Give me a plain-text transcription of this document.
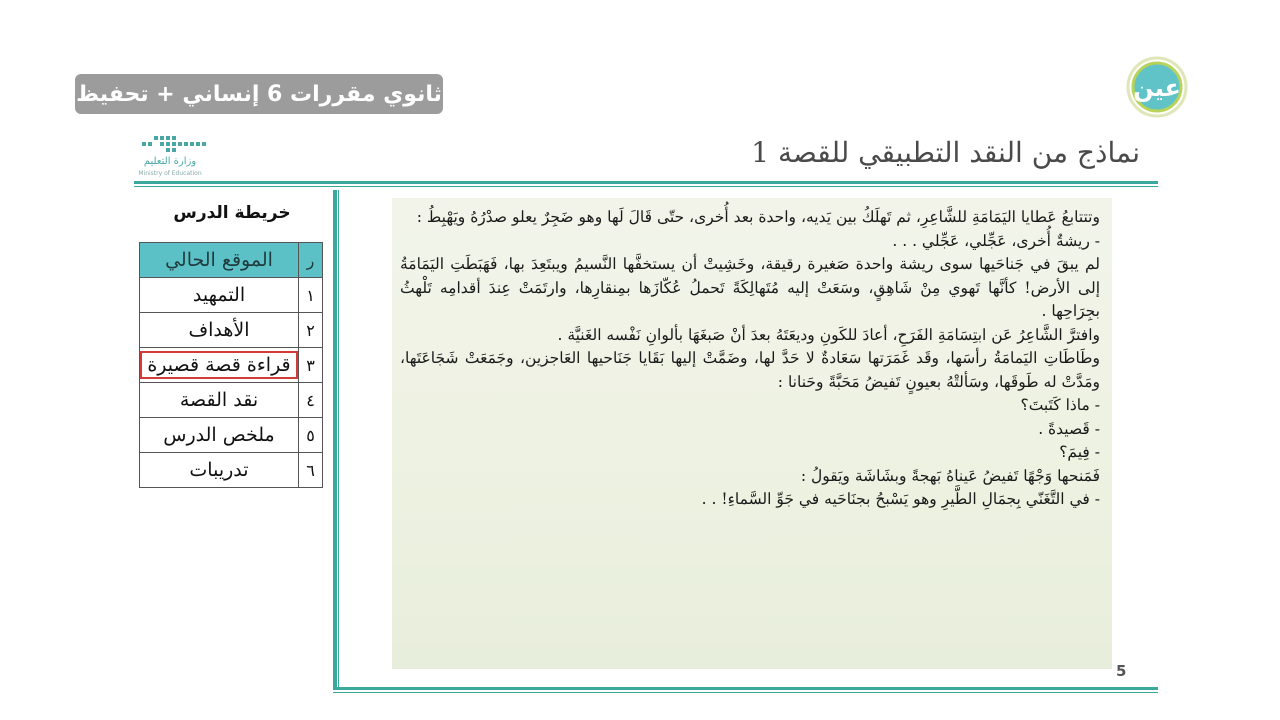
ثانوي مقررات 6 إنساني + تحفيظ	عين
وزارة التعليم
Ministry of Education
نماذج من النقد التطبيقي للقصة 1
خريطة الدرس
ر	الموقع الحالي
١	التمهيد
٢	الأهداف
٣	قراءة قصة قصيرة
٤	نقد القصة
٥	ملخص الدرس
٦	تدريبات

وتتتابعُ عَطايا اليَمَامَةِ للشَّاعِرِ، ثم تَهلَكُ بين يَديه، واحدة بعد أُخرى، حتّى قَالَ لَها وهو ضَجِرٌ يعلو صدْرُهُ ويَهْبِطُ :

- ريشةٌ أُخرى، عَجِّلي، عَجِّلي . . .

لم يبقَ في جَناحَيها سوى ريشة واحدة صَغيرة رقيقة، وخَشِيتْ أن يستخفَّها النَّسيمُ ويبتَعِدَ بها، فَهَبَطَتِ اليَمَامَةُ إلى الأرض! كأنَّها تَهوي مِنْ شَاهِقٍ، وسَعَتْ إليه مُتَهالِكَةً تَحملُ عُكّازَها بمِنقارِها، وارتَمَتْ عِندَ أقدامِه تَلْهثُ بجِرَاحِها .

وافترَّ الشَّاعِرُ عَن ابتِسَامَةِ الفَرَحِ، أعادَ للكَونِ وديعَتَهُ بعدَ أنْ صَبغَهَا بألوانِ نَفْسه الغَنيَّة .

وطَاطَاتِ اليَمامَةُ رأسَها، وقَد غَمَرَتها سَعَادةٌ لا حَدَّ لها، وضَمَّتْ إليها بَقَايا جَنَاحيها العَاجزين، وجَمَعَتْ شَجَاعَتَها، ومَدَّتْ له طَوقَها، وسَألتْهُ بعيونٍ تَفيضُ مَحَبَّةً وحَنانا :

- ماذا كَتَبتَ؟

- قَصيدةً .

- فِيمَ؟

فَمَنحها وَجْهًا تَفيضُ عَيناهُ بَهجةً وبشَاشَة ويَقولُ :

- في التَّغَنّي بِجمَالِ الطَّيرِ وهو يَسْبحُ بجنَاحَيه في جَوِّ السَّماءِ! . .

5
